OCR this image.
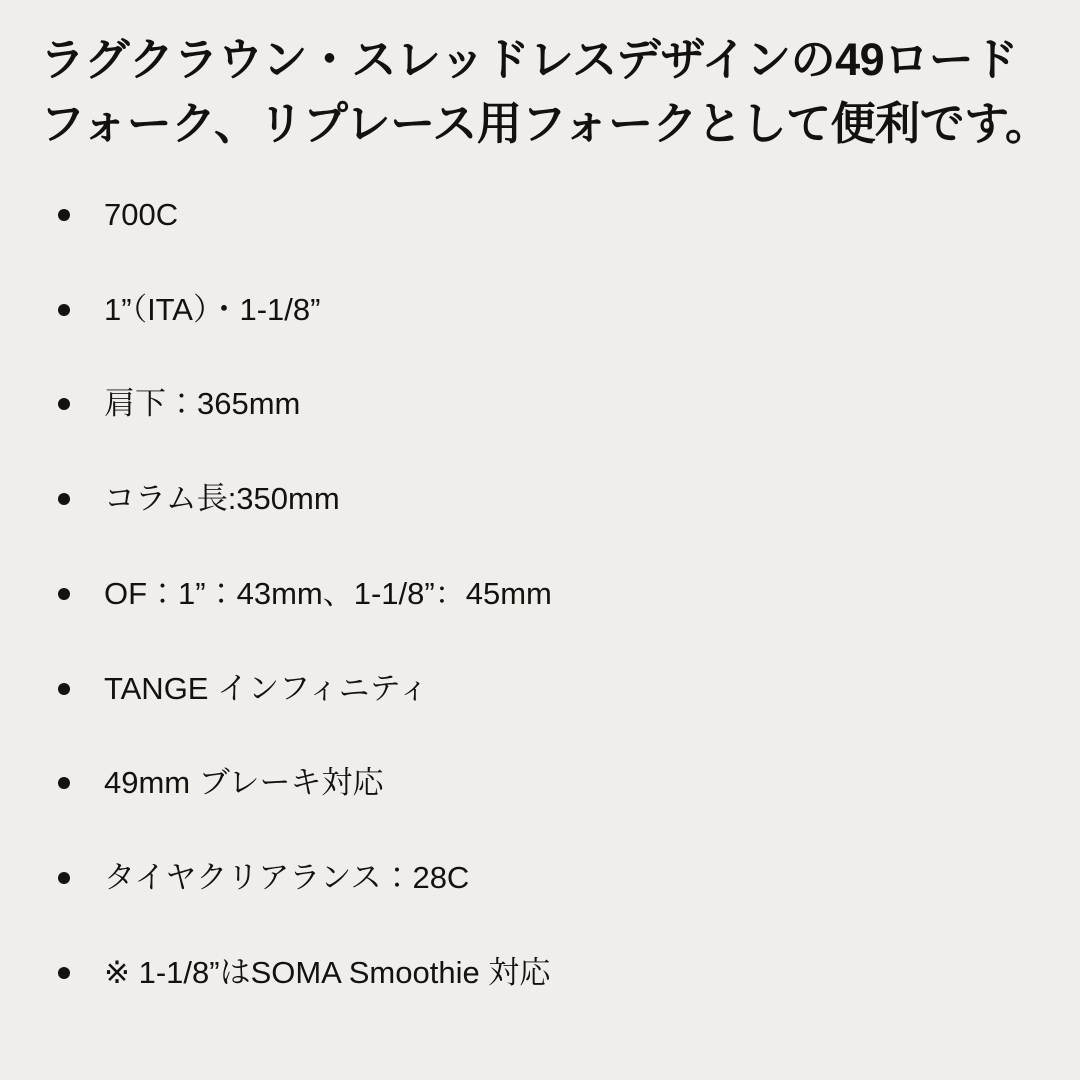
ラグクラウン・スレッドレスデザインの49ロード
フォーク、リプレース用フォークとして便利です。
700C
1”（ITA）・1-1/8”
肩下：365mm
コラム長:350mm
OF：1”：43mm、1-1/8”：45mm
TANGE インフィニティ
49mm ブレーキ対応
タイヤクリアランス：28C
※ 1-1/8”はSOMA Smoothie 対応
